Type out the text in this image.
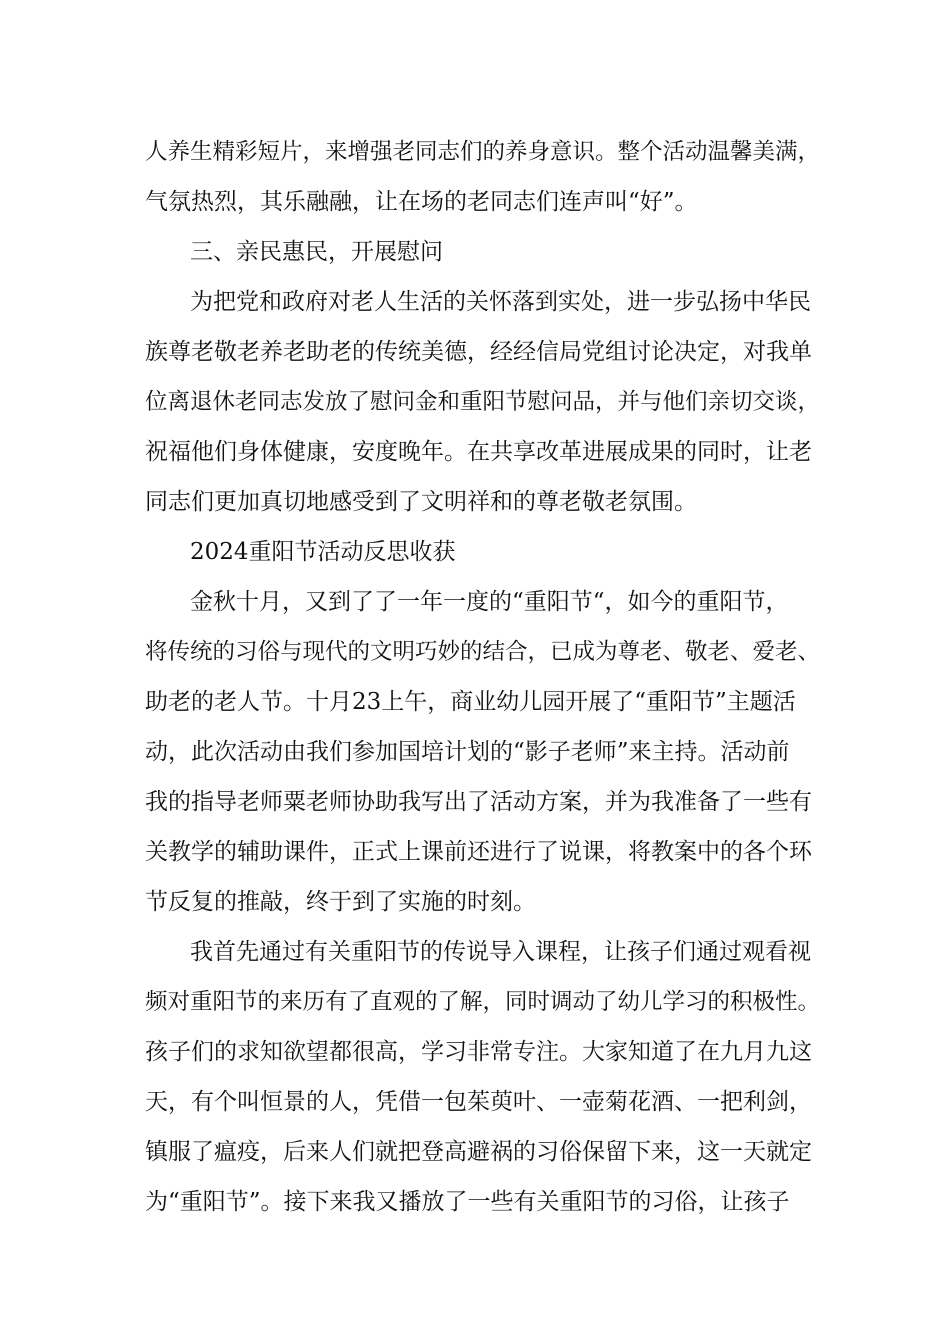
人养生精彩短片，来增强老同志们的养身意识。整个活动温馨美满，
气氛热烈，其乐融融，让在场的老同志们连声叫“好”。
三、亲民惠民，开展慰问
为把党和政府对老人生活的关怀落到实处，进一步弘扬中华民
族尊老敬老养老助老的传统美德，经经信局党组讨论决定，对我单
位离退休老同志发放了慰问金和重阳节慰问品，并与他们亲切交谈，
祝福他们身体健康，安度晚年。在共享改革进展成果的同时，让老
同志们更加真切地感受到了文明祥和的尊老敬老氛围。
2024重阳节活动反思收获
金秋十月，又到了了一年一度的“重阳节“，如今的重阳节，
将传统的习俗与现代的文明巧妙的结合，已成为尊老、敬老、爱老、
助老的老人节。十月23上午，商业幼儿园开展了“重阳节”主题活
动，此次活动由我们参加国培计划的“影子老师”来主持。活动前
我的指导老师粟老师协助我写出了活动方案，并为我准备了一些有
关教学的辅助课件，正式上课前还进行了说课，将教案中的各个环
节反复的推敲，终于到了实施的时刻。
我首先通过有关重阳节的传说导入课程，让孩子们通过观看视
频对重阳节的来历有了直观的了解，同时调动了幼儿学习的积极性。
孩子们的求知欲望都很高，学习非常专注。大家知道了在九月九这
天，有个叫恒景的人，凭借一包茱萸叶、一壶菊花酒、一把利剑，
镇服了瘟疫，后来人们就把登高避祸的习俗保留下来，这一天就定
为“重阳节”。接下来我又播放了一些有关重阳节的习俗，让孩子
